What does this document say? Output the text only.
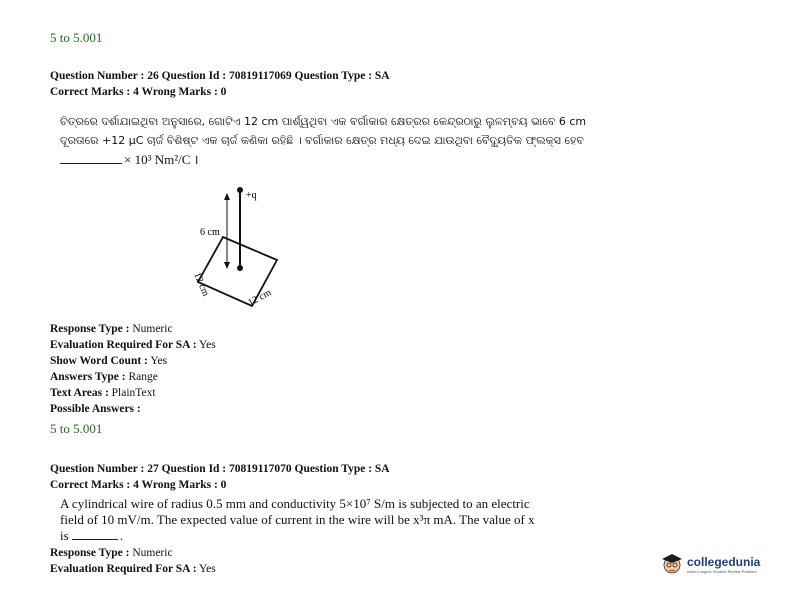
5 to 5.001
Question Number : 26 Question Id : 70819117069 Question Type : SA
Correct Marks : 4 Wrong Marks : 0
ଚିତ୍ରରେ ଦର୍ଶାଯାଇଥିବା ଅନୁସାରେ, ଗୋଟିଏ 12 cm ପାର୍ଶ୍ୱଥିବା ଏକ ବର୍ଗାକାର କ୍ଷେତ୍ରର କେନ୍ଦ୍ରଠାରୁ ଲୁଳମ୍ବୟ ଭାବେ 6 cm
ଦୂରତାରେ +12 μC ଚାର୍ଜ ବିଶିଷ୍ଟ ଏକ ଚାର୍ଜ କଣିକା ରହିଛି । ବର୍ଗାକାର କ୍ଷେତ୍ର ମଧ୍ୟ ଦେଇ ଯାଉଥିବା ବୈଦ୍ୟୁତିକ ଫ୍ଲକ୍ସ ହେବ
× 10³ Nm²/C ।
+q
6 cm
12 cm
12 cm
Response Type : Numeric
Evaluation Required For SA : Yes
Show Word Count : Yes
Answers Type : Range
Text Areas : PlainText
Possible Answers :
5 to 5.001
Question Number : 27 Question Id : 70819117070 Question Type : SA
Correct Marks : 4 Wrong Marks : 0
A cylindrical wire of radius 0.5 mm and conductivity 5×10⁷ S/m is subjected to an electric
field of 10 mV/m. The expected value of current in the wire will be x³π mA. The value of x
is	.
Response Type : Numeric
Evaluation Required For SA : Yes
collegedunia
India's largest Student Review Platform
